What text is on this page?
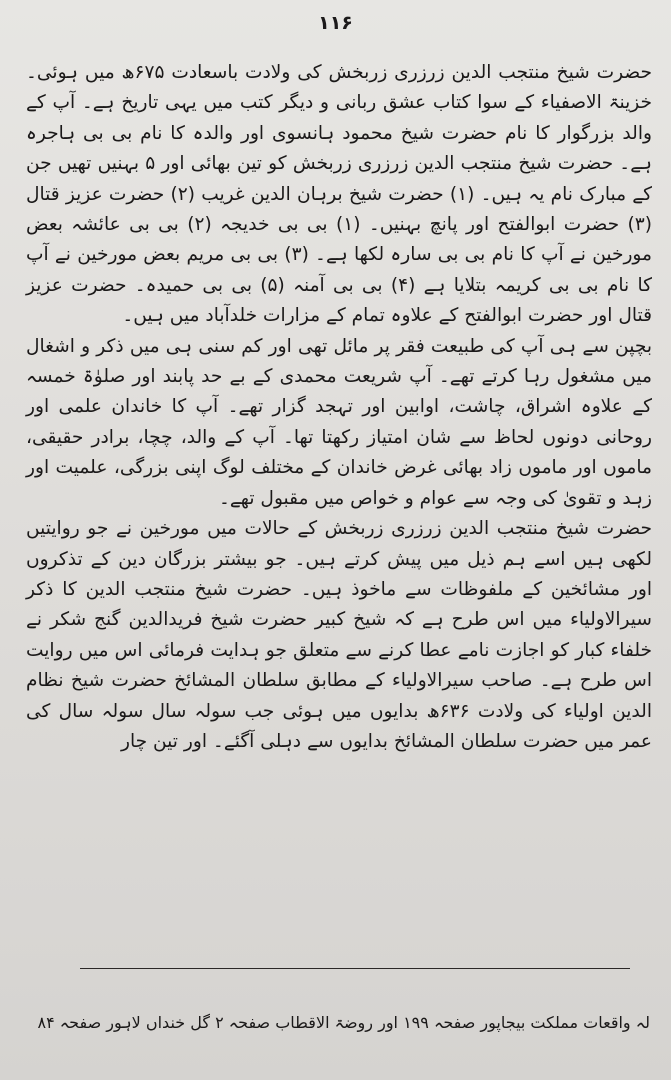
۱۱۶

حضرت شیخ منتجب الدین زرزری زربخش کی ولادت باسعادت ۶۷۵ھ میں ہوئی۔ خزینۃ الاصفیاء کے سوا کتاب عشق ربانی و دیگر کتب میں یہی تاریخ ہے۔ آپ کے والد بزرگوار کا نام حضرت شیخ محمود ہانسوی اور والدہ کا نام بی بی ہاجرہ ہے۔ حضرت شیخ منتجب الدین زرزری زربخش کو تین بھائی اور ۵ بہنیں تھیں جن کے مبارک نام یہ ہیں۔ (۱) حضرت شیخ برہان الدین غریب (۲) حضرت عزیز قتال (۳) حضرت ابوالفتح اور پانچ بہنیں۔ (۱) بی بی خدیجہ (۲) بی بی عائشہ بعض مورخین نے آپ کا نام بی بی سارہ لکھا ہے۔ (۳) بی بی مریم بعض مورخین نے آپ کا نام بی بی کریمہ بتلایا ہے (۴) بی بی آمنہ (۵) بی بی حمیدہ۔ حضرت عزیز قتال اور حضرت ابوالفتح کے علاوہ تمام کے مزارات خلدآباد میں ہیں۔

بچپن سے ہی آپ کی طبیعت فقر پر مائل تھی اور کم سنی ہی میں ذکر و اشغال میں مشغول رہا کرتے تھے۔ آپ شریعت محمدی کے بے حد پابند اور صلوٰۃ خمسہ کے علاوہ اشراق، چاشت، اوابین اور تہجد گزار تھے۔ آپ کا خاندان علمی اور روحانی دونوں لحاظ سے شان امتیاز رکھتا تھا۔ آپ کے والد، چچا، برادر حقیقی، ماموں اور ماموں زاد بھائی غرض خاندان کے مختلف لوگ اپنی بزرگی، علمیت اور زہد و تقویٰ کی وجہ سے عوام و خواص میں مقبول تھے۔

حضرت شیخ منتجب الدین زرزری زربخش کے حالات میں مورخین نے جو روایتیں لکھی ہیں اسے ہم ذیل میں پیش کرتے ہیں۔ جو بیشتر بزرگان دین کے تذکروں اور مشائخین کے ملفوظات سے ماخوذ ہیں۔ حضرت شیخ منتجب الدین کا ذکر سیرالاولیاء میں اس طرح ہے کہ شیخ کبیر حضرت شیخ فریدالدین گنج شکر نے خلفاء کبار کو اجازت نامے عطا کرنے سے متعلق جو ہدایت فرمائی اس میں روایت اس طرح ہے۔ صاحب سیرالاولیاء کے مطابق سلطان المشائخ حضرت شیخ نظام الدین اولیاء کی ولادت ۶۳۶ھ بدایوں میں ہوئی جب سولہ سال سولہ سال کی عمر میں حضرت سلطان المشائخ بدایوں سے دہلی آگئے۔ اور تین چار

لہ واقعات مملکت بیجاپور صفحہ ۱۹۹ اور روضۃ الاقطاب صفحہ ۲ گل خنداں لاہور صفحہ ۸۴
